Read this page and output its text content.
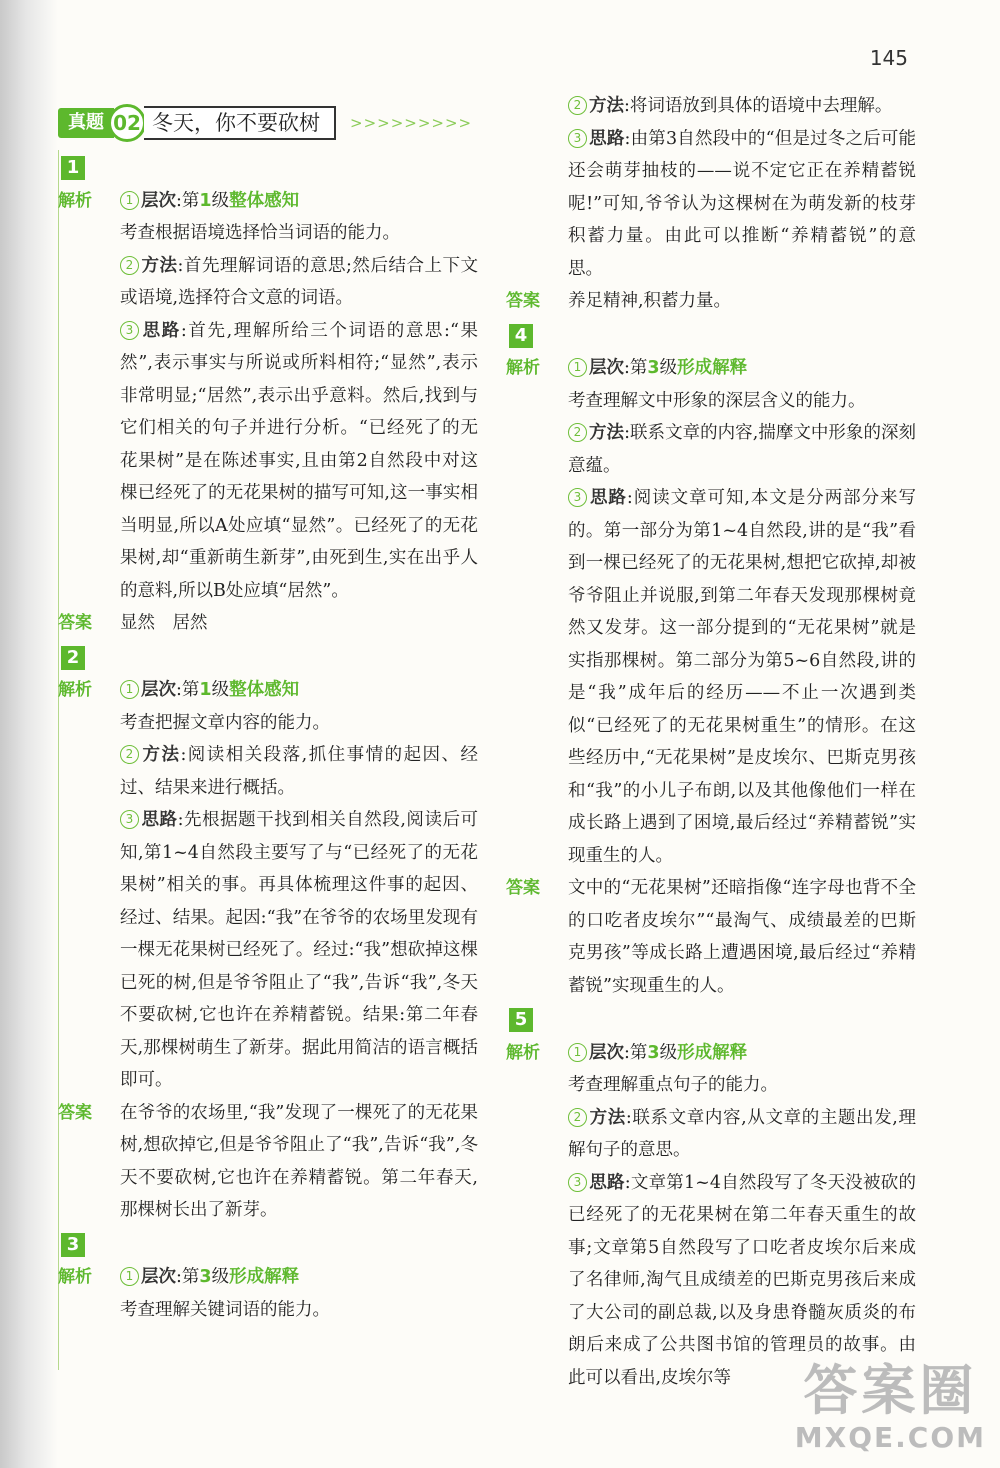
145
真题 02 冬天，你不要砍树	>>>>>>>>>
1
解析	1 层次:第1级整体感知
考查根据语境选择恰当词语的能力。
2 方法:首先理解词语的意思;然后结合上下文或语境,选择符合文意的词语。
3 思路:首先,理解所给三个词语的意思:“果然”,表示事实与所说或所料相符;“显然”,表示非常明显;“居然”,表示出乎意料。然后,找到与它们相关的句子并进行分析。“已经死了的无花果树”是在陈述事实,且由第2自然段中对这棵已经死了的无花果树的描写可知,这一事实相当明显,所以A处应填“显然”。已经死了的无花果树,却“重新萌生新芽”,由死到生,实在出乎人的意料,所以B处应填“居然”。
答案	显然　居然
2
解析	1 层次:第1级整体感知
考查把握文章内容的能力。
2 方法:阅读相关段落,抓住事情的起因、经过、结果来进行概括。
3 思路:先根据题干找到相关自然段,阅读后可知,第1~4自然段主要写了与“已经死了的无花果树”相关的事。再具体梳理这件事的起因、经过、结果。起因:“我”在爷爷的农场里发现有一棵无花果树已经死了。经过:“我”想砍掉这棵已死的树,但是爷爷阻止了“我”,告诉“我”,冬天不要砍树,它也许在养精蓄锐。结果:第二年春天,那棵树萌生了新芽。据此用简洁的语言概括即可。
答案	在爷爷的农场里,“我”发现了一棵死了的无花果树,想砍掉它,但是爷爷阻止了“我”,告诉“我”,冬天不要砍树,它也许在养精蓄锐。第二年春天,那棵树长出了新芽。
3
解析	1 层次:第3级形成解释
考查理解关键词语的能力。
2 方法:将词语放到具体的语境中去理解。
3 思路:由第3自然段中的“但是过冬之后可能还会萌芽抽枝的——说不定它正在养精蓄锐呢!”可知,爷爷认为这棵树在为萌发新的枝芽积蓄力量。由此可以推断“养精蓄锐”的意思。
答案	养足精神,积蓄力量。
4
解析	1 层次:第3级形成解释
考查理解文中形象的深层含义的能力。
2 方法:联系文章的内容,揣摩文中形象的深刻意蕴。
3 思路:阅读文章可知,本文是分两部分来写的。第一部分为第1~4自然段,讲的是“我”看到一棵已经死了的无花果树,想把它砍掉,却被爷爷阻止并说服,到第二年春天发现那棵树竟然又发芽。这一部分提到的“无花果树”就是实指那棵树。第二部分为第5~6自然段,讲的是“我”成年后的经历——不止一次遇到类似“已经死了的无花果树重生”的情形。在这些经历中,“无花果树”是皮埃尔、巴斯克男孩和“我”的小儿子布朗,以及其他像他们一样在成长路上遇到了困境,最后经过“养精蓄锐”实现重生的人。
答案	文中的“无花果树”还暗指像“连字母也背不全的口吃者皮埃尔”“最淘气、成绩最差的巴斯克男孩”等成长路上遭遇困境,最后经过“养精蓄锐”实现重生的人。
5
解析	1 层次:第3级形成解释
考查理解重点句子的能力。
2 方法:联系文章内容,从文章的主题出发,理解句子的意思。
3 思路:文章第1~4自然段写了冬天没被砍的已经死了的无花果树在第二年春天重生的故事;文章第5自然段写了口吃者皮埃尔后来成了名律师,淘气且成绩差的巴斯克男孩后来成了大公司的副总裁,以及身患脊髓灰质炎的布朗后来成了公共图书馆的管理员的故事。由此可以看出,皮埃尔等	答案圈
MXQE.COM
